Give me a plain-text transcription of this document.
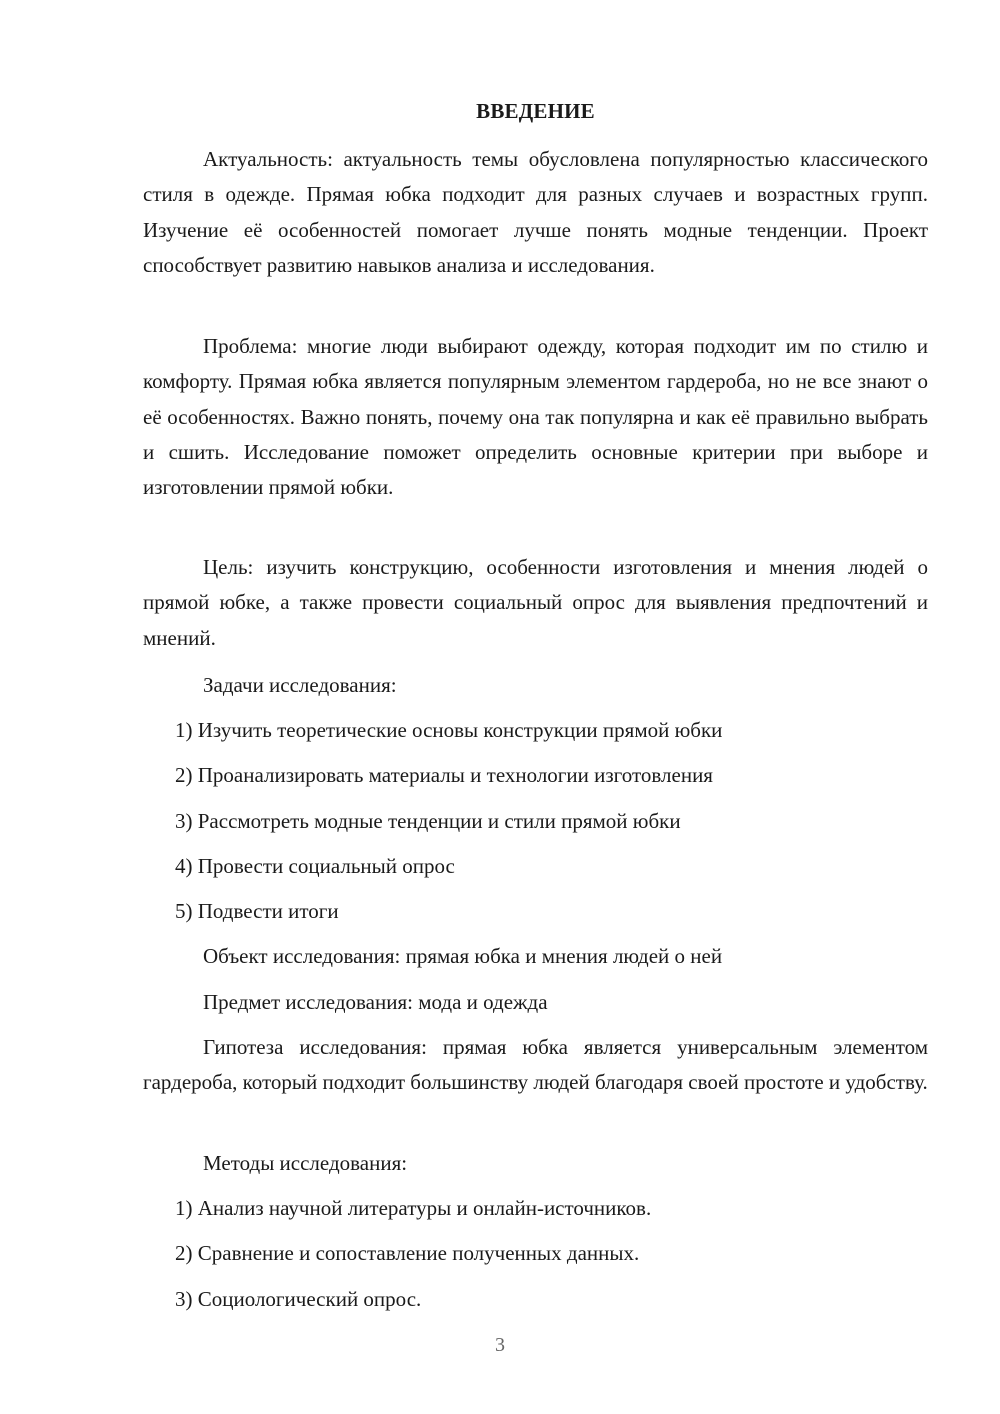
ВВЕДЕНИЕ

Актуальность: актуальность темы обусловлена популярностью классического стиля в одежде. Прямая юбка подходит для разных случаев и возрастных групп. Изучение её особенностей помогает лучше понять модные тенденции. Проект способствует развитию навыков анализа и исследования.

Проблема: многие люди выбирают одежду, которая подходит им по стилю и комфорту. Прямая юбка является популярным элементом гардероба, но не все знают о её особенностях. Важно понять, почему она так популярна и как её правильно выбрать и сшить. Исследование поможет определить основные критерии при выборе и изготовлении прямой юбки.

Цель: изучить конструкцию, особенности изготовления и мнения людей о прямой юбке, а также провести социальный опрос для выявления предпочтений и мнений.

Задачи исследования:

1) Изучить теоретические основы конструкции прямой юбки

2) Проанализировать материалы и технологии изготовления

3) Рассмотреть модные тенденции и стили прямой юбки

4) Провести социальный опрос

5) Подвести итоги

Объект исследования: прямая юбка и мнения людей о ней

Предмет исследования: мода и одежда

Гипотеза исследования: прямая юбка является универсальным элементом гардероба, который подходит большинству людей благодаря своей простоте и удобству.

Методы исследования:

1) Анализ научной литературы и онлайн-источников.

2) Сравнение и сопоставление полученных данных.

3) Социологический опрос.

3
